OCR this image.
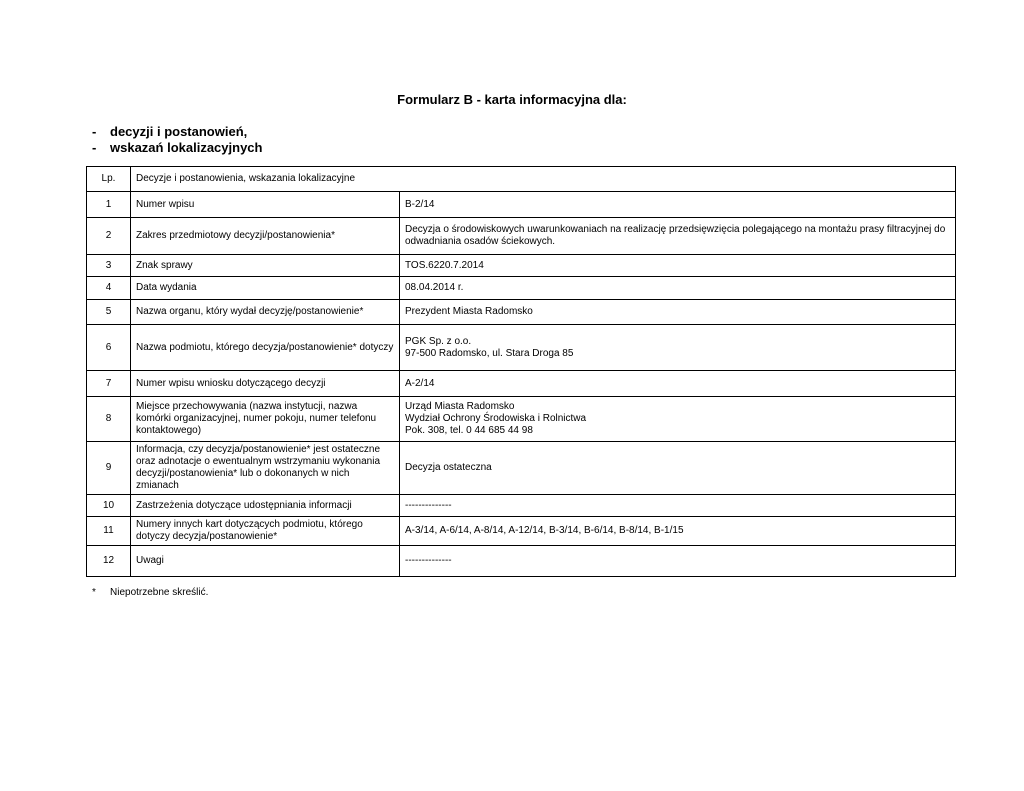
Formularz B - karta informacyjna dla:
-	decyzji i postanowień,
-	wskazań lokalizacyjnych
Lp.	Decyzje i postanowienia, wskazania lokalizacyjne	
1	Numer wpisu	B-2/14
2	Zakres przedmiotowy decyzji/postanowienia*	Decyzja o środowiskowych uwarunkowaniach na realizację przedsięwzięcia polegającego na montażu prasy filtracyjnej do odwadniania osadów ściekowych.
3	Znak sprawy	TOS.6220.7.2014
4	Data wydania	08.04.2014 r.
5	Nazwa organu, który wydał decyzję/postanowienie*	Prezydent Miasta Radomsko
6	Nazwa podmiotu, którego decyzja/postanowienie* dotyczy	PGK Sp. z o.o.
97-500 Radomsko, ul. Stara Droga 85
7	Numer wpisu wniosku dotyczącego decyzji	A-2/14
8	Miejsce przechowywania (nazwa instytucji, nazwa komórki organizacyjnej, numer pokoju, numer telefonu kontaktowego)	Urząd Miasta Radomsko
Wydział Ochrony Środowiska i Rolnictwa
Pok. 308, tel. 0 44 685 44 98
9	Informacja, czy decyzja/postanowienie* jest ostateczne oraz adnotacje o ewentualnym wstrzymaniu wykonania decyzji/postanowienia* lub o dokonanych w nich zmianach	Decyzja ostateczna
10	Zastrzeżenia dotyczące udostępniania informacji	--------------
11	Numery innych kart dotyczących podmiotu, którego dotyczy decyzja/postanowienie*	A-3/14, A-6/14, A-8/14, A-12/14, B-3/14, B-6/14, B-8/14, B-1/15
12	Uwagi	--------------
*	Niepotrzebne skreślić.
